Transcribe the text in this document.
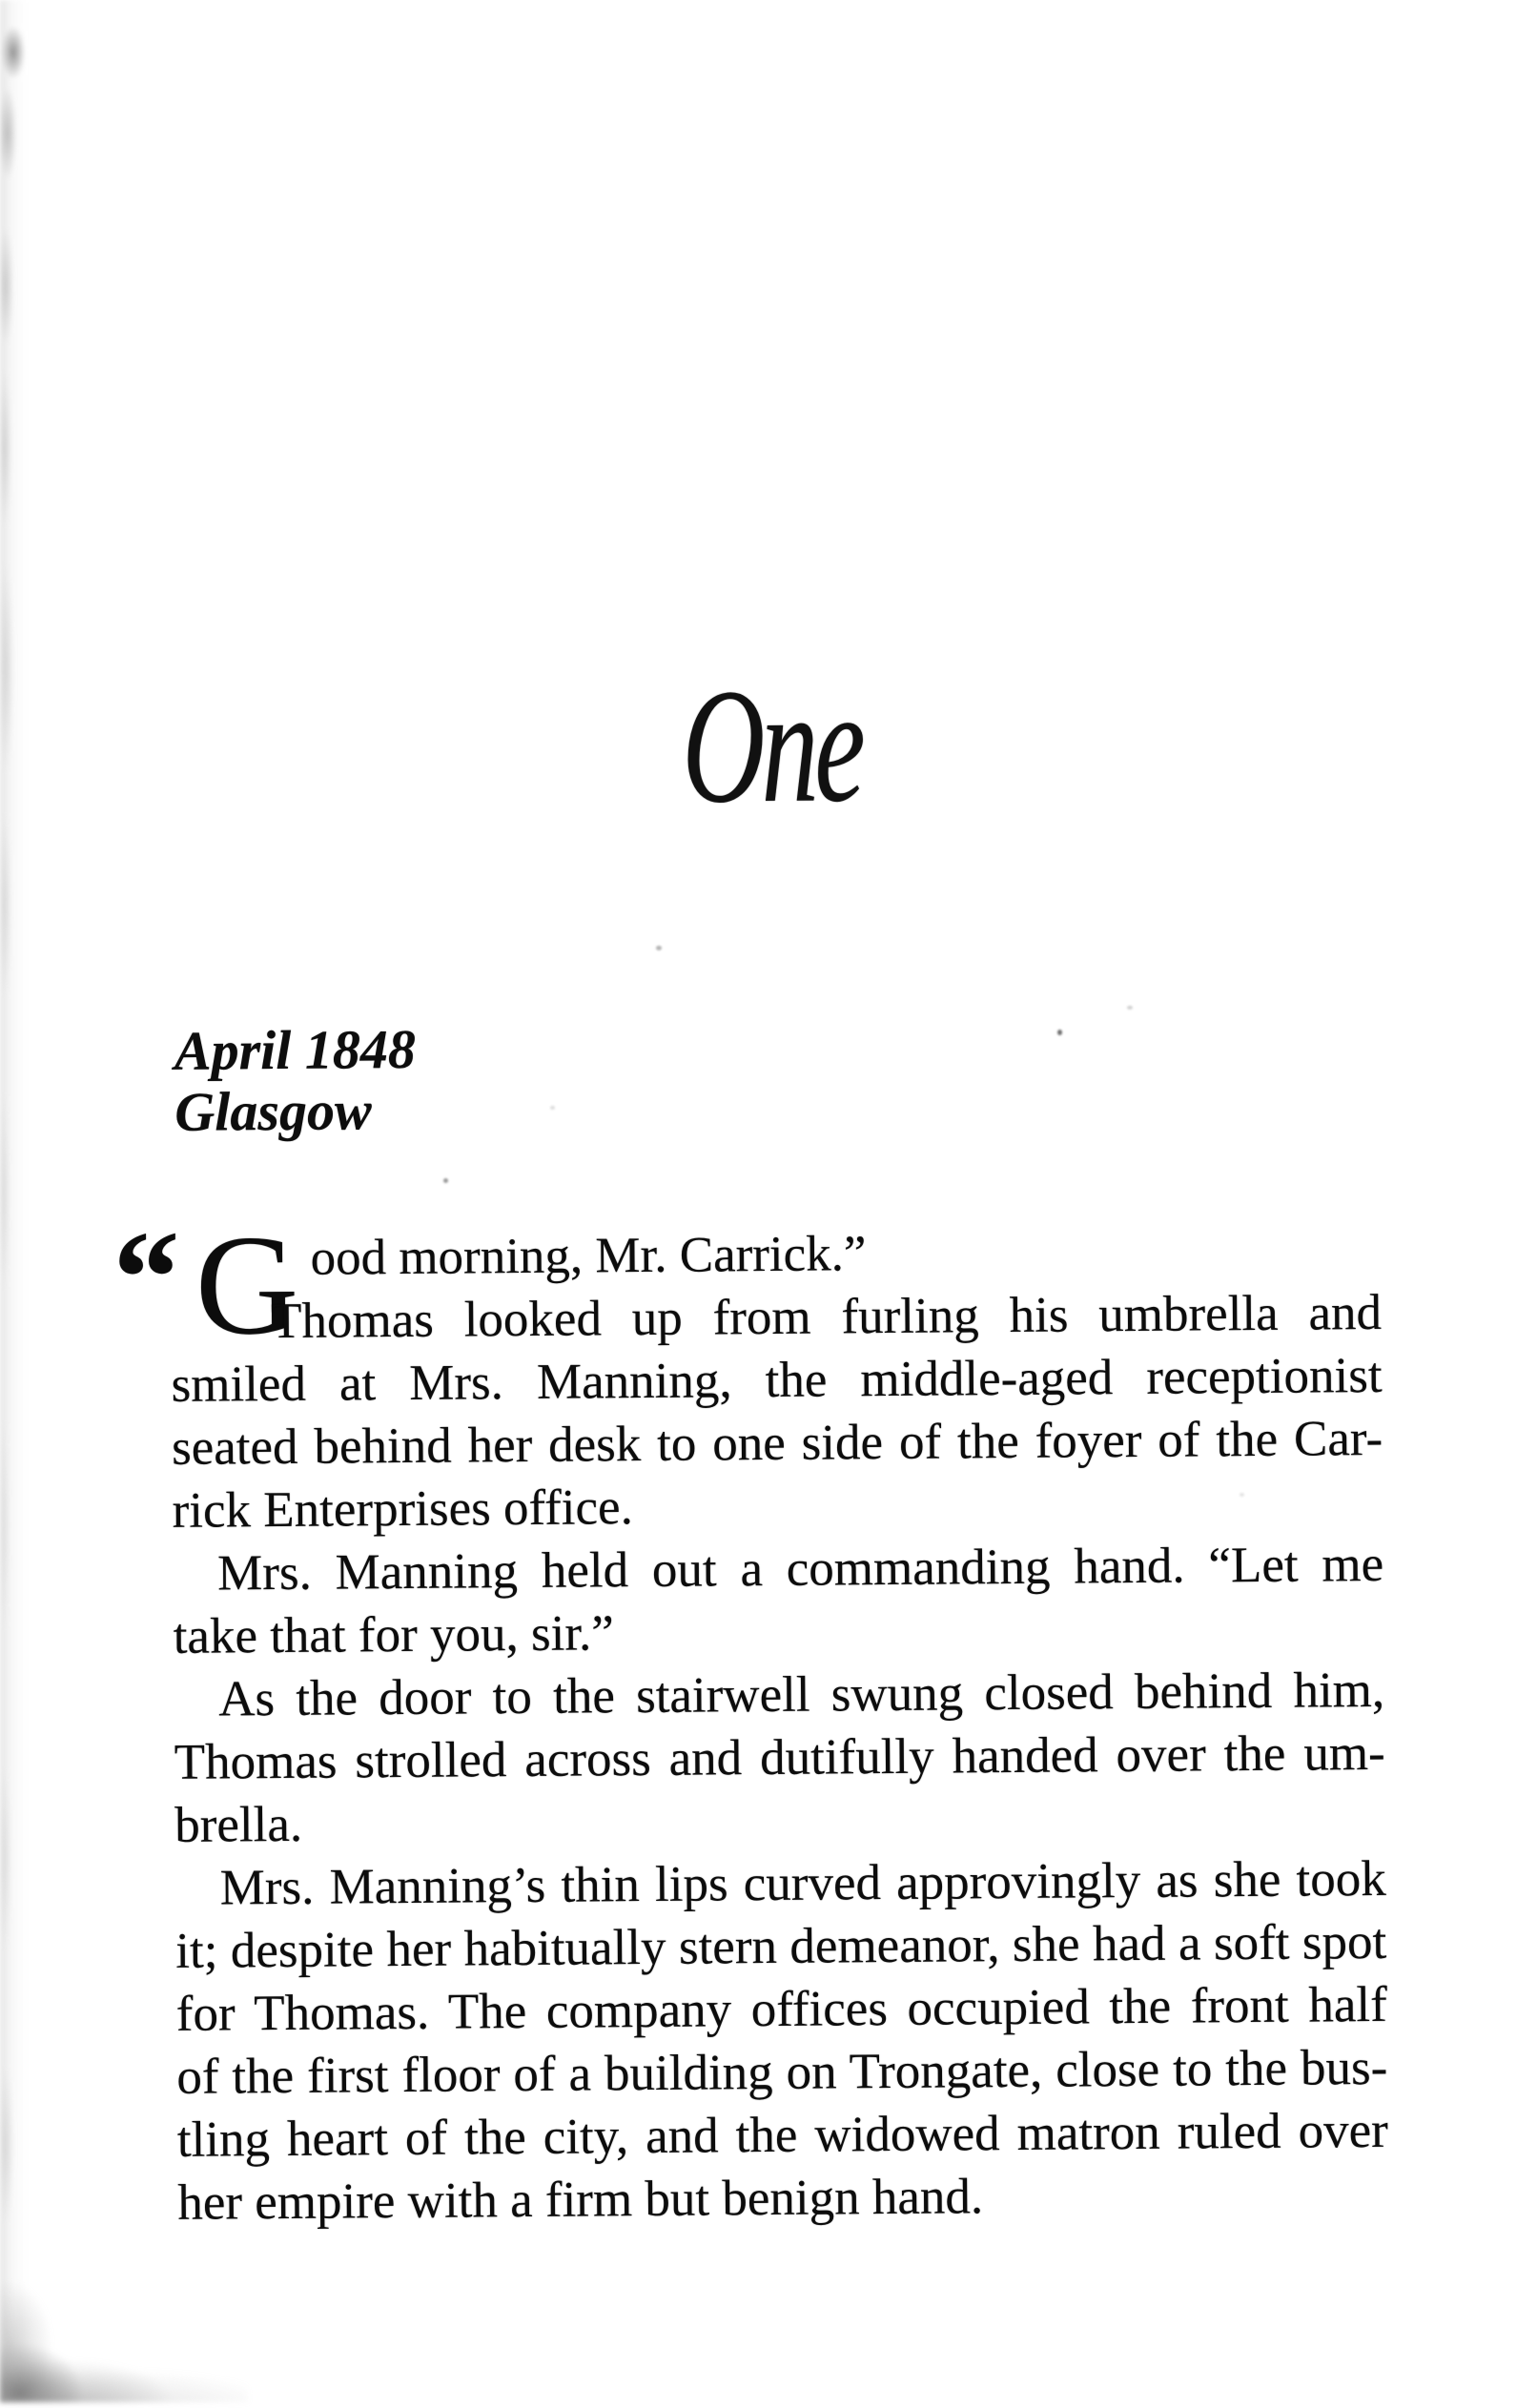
One
April 1848
Glasgow
“ G ood morning, Mr. Carrick.”
Thomas looked up from furling his umbrella and
smiled at Mrs. Manning, the middle-aged receptionist
seated behind her desk to one side of the foyer of the Car-
rick Enterprises office.
Mrs. Manning held out a commanding hand. “Let me
take that for you, sir.”
As the door to the stairwell swung closed behind him,
Thomas strolled across and dutifully handed over the um-
brella.
Mrs. Manning’s thin lips curved approvingly as she took
it; despite her habitually stern demeanor, she had a soft spot
for Thomas. The company offices occupied the front half
of the first floor of a building on Trongate, close to the bus-
tling heart of the city, and the widowed matron ruled over
her empire with a firm but benign hand.
